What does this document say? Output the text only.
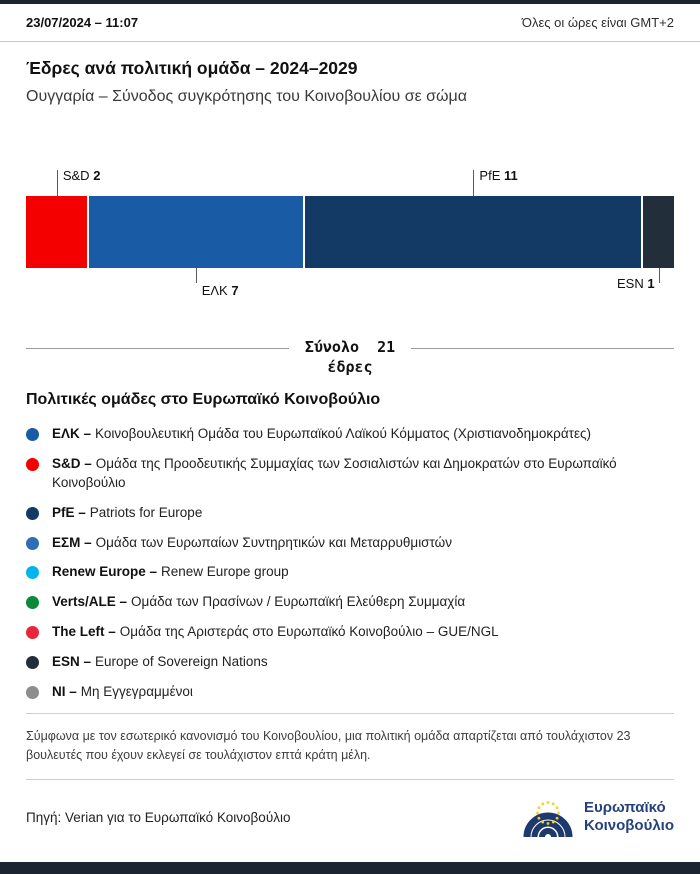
23/07/2024 – 11:07	Όλες οι ώρες είναι GMT+2
Έδρες ανά πολιτική ομάδα – 2024–2029
Ουγγαρία – Σύνοδος συγκρότησης του Κοινοβουλίου σε σώμα
S&D 2
ΕΛΚ 7
PfE 11
ESN 1
Σύνολο  21
έδρες
Πολιτικές ομάδες στο Ευρωπαϊκό Κοινοβούλιο
ΕΛΚ – Κοινοβουλευτική Ομάδα του Ευρωπαϊκού Λαϊκού Κόμματος (Χριστιανοδημοκράτες)
S&D – Ομάδα της Προοδευτικής Συμμαχίας των Σοσιαλιστών και Δημοκρατών στο Ευρωπαϊκό Κοινοβούλιο
PfE – Patriots for Europe
ΕΣΜ – Ομάδα των Ευρωπαίων Συντηρητικών και Μεταρρυθμιστών
Renew Europe – Renew Europe group
Verts/ALE – Ομάδα των Πρασίνων / Ευρωπαϊκή Ελεύθερη Συμμαχία
The Left – Ομάδα της Αριστεράς στο Ευρωπαϊκό Κοινοβούλιο – GUE/NGL
ESN – Europe of Sovereign Nations
NI – Μη Εγγεγραμμένοι

Σύμφωνα με τον εσωτερικό κανονισμό του Κοινοβουλίου, μια πολιτική ομάδα απαρτίζεται από τουλάχιστον 23 βουλευτές που έχουν εκλεγεί σε τουλάχιστον επτά κράτη μέλη.

Πηγή: Verian για το Ευρωπαϊκό Κοινοβούλιο
Ευρωπαϊκό
Κοινοβούλιο
